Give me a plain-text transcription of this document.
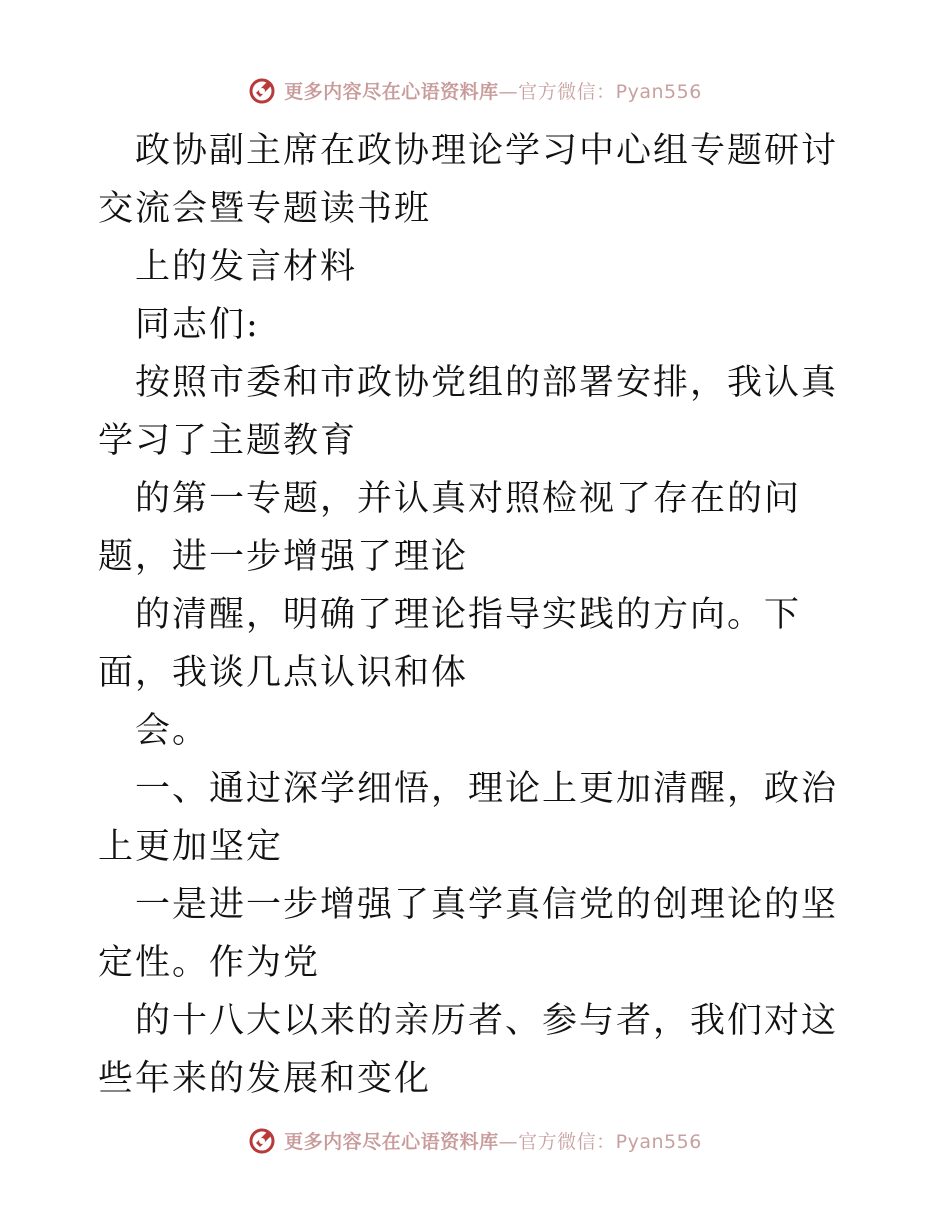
更多内容尽在心语资料库—官方微信：Pyan556

政协副主席在政协理论学习中心组专题研讨交流会暨专题读书班

上的发言材料

同志们:

按照市委和市政协党组的部署安排，我认真学习了主题教育

的第一专题，并认真对照检视了存在的问题，进一步增强了理论

的清醒，明确了理论指导实践的方向。下面，我谈几点认识和体

会。

一、通过深学细悟，理论上更加清醒，政治上更加坚定

一是进一步增强了真学真信党的创理论的坚定性。作为党

的十八大以来的亲历者、参与者，我们对这些年来的发展和变化

更多内容尽在心语资料库—官方微信：Pyan556
